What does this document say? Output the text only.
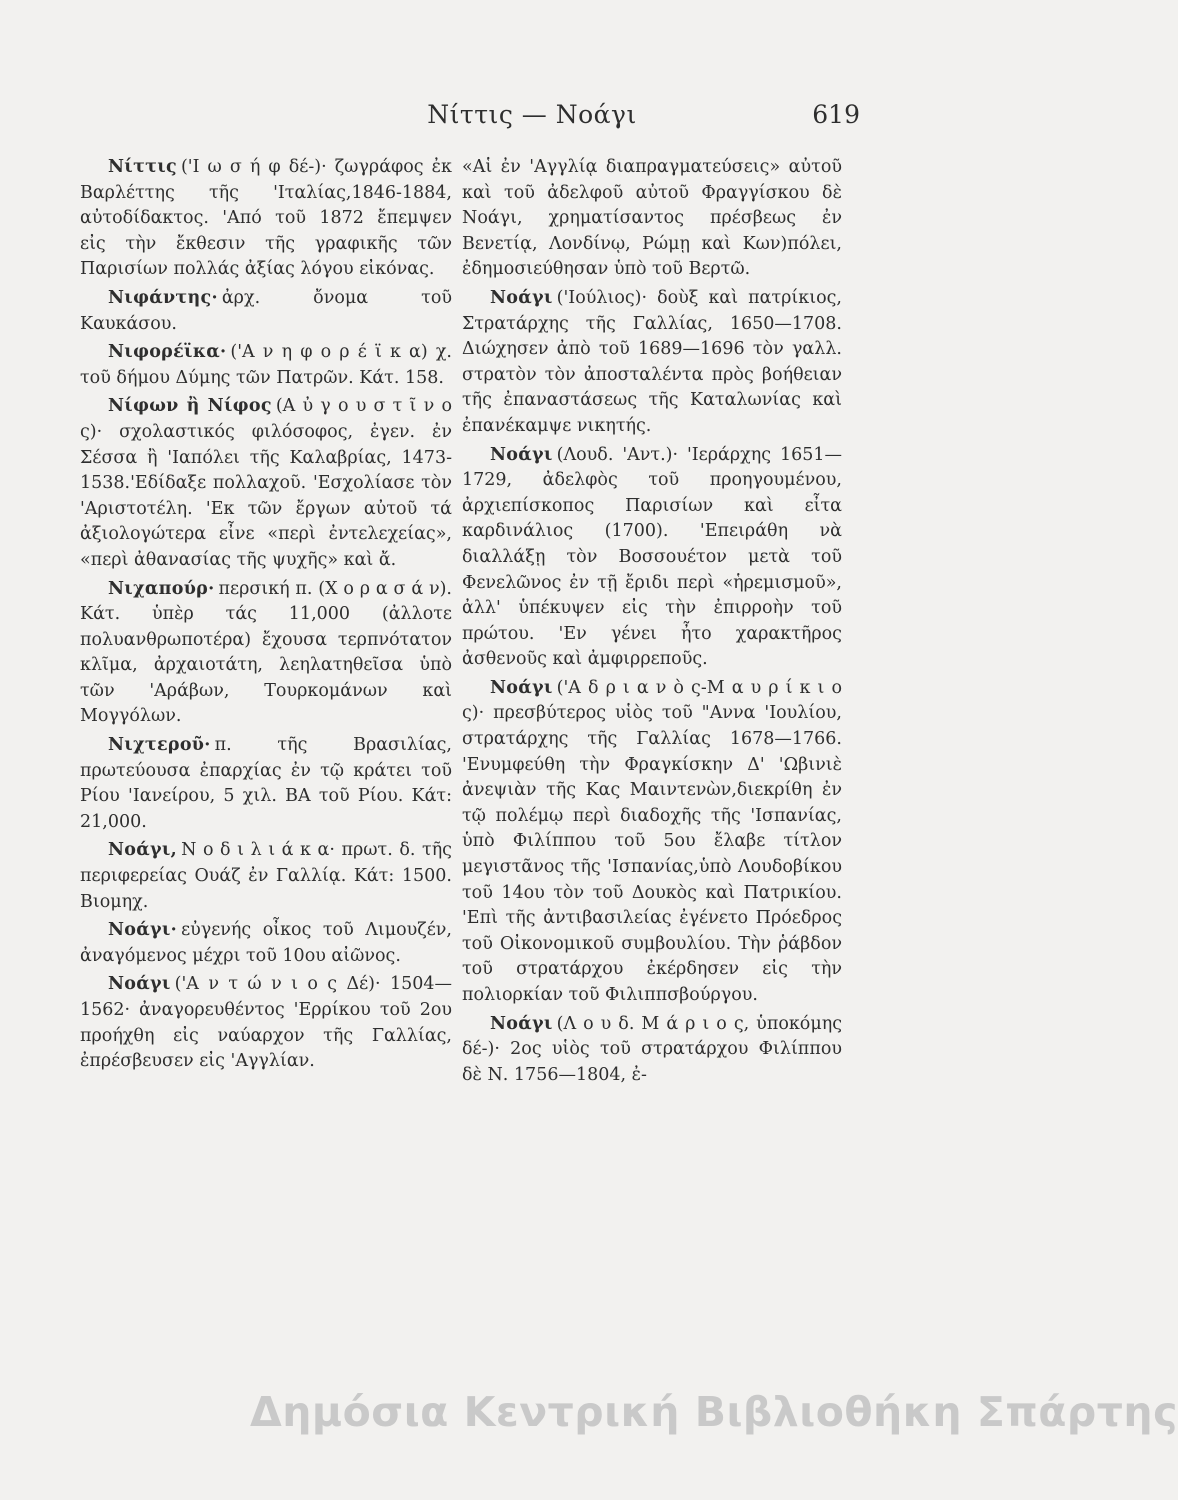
Νίττις — Νοάγι	619

Νίττις ('Ι ω σ ή φ δέ-)· ζωγράφος ἐκ Βαρλέττης τῆς 'Ιταλίας,1846-1884, αὐτοδίδακτος. 'Από τοῦ 1872 ἔπεμψεν εἰς τὴν ἔκθεσιν τῆς γραφικῆς τῶν Παρισίων πολλάς ἀξίας λόγου εἰκόνας.

Νιφάντης· ἀρχ. ὄνομα τοῦ Καυκάσου.

Νιφορέϊκα· ('Α ν η φ ο ρ έ ϊ κ α) χ. τοῦ δήμου Δύμης τῶν Πατρῶν. Κάτ. 158.

Νίφων ἢ Νίφος (Α ὐ γ ο υ σ τ ῖ ν ο ς)· σχολαστικός φιλόσοφος, ἐγεν. ἐν Σέσσα ἢ 'Ιαπόλει τῆς Καλαβρίας, 1473-1538.'Εδίδαξε πολλαχοῦ. 'Εσχολίασε τὸν 'Αριστοτέλη. 'Εκ τῶν ἔργων αὐτοῦ τά ἀξιολογώτερα εἶνε «περὶ ἐντελεχείας», «περὶ ἀθανασίας τῆς ψυχῆς» καὶ ἄ.

Νιχαπούρ· περσική π. (Χ ο ρ α σ ά ν). Κάτ. ὑπὲρ τάς 11,000 (ἀλλοτε πολυανθρωποτέρα) ἔχουσα τερπνότατον κλῖμα, ἀρχαιοτάτη, λεηλατηθεῖσα ὑπὸ τῶν 'Αράβων, Τουρκομάνων καὶ Μογγόλων.

Νιχτεροῦ· π. τῆς Βρασιλίας, πρωτεύουσα ἐπαρχίας ἐν τῷ κράτει τοῦ Ρίου 'Ιανείρου, 5 χιλ. ΒΑ τοῦ Ρίου. Κάτ: 21,000.

Νοάγι, Ν ο δ ι λ ι ά κ α· πρωτ. δ. τῆς περιφερείας Ουάζ ἐν Γαλλίᾳ. Κάτ: 1500. Βιομηχ.

Νοάγι· εὐγενής οἶκος τοῦ Λιμουζέν, ἀναγόμενος μέχρι τοῦ 10ου αἰῶνος.

Νοάγι ('Α ν τ ώ ν ι ο ς Δέ)· 1504—1562· ἀναγορευθέντος 'Ερρίκου τοῦ 2ου προήχθη εἰς ναύαρχον τῆς Γαλλίας, ἐπρέσβευσεν εἰς 'Αγγλίαν.

«Αἱ ἐν 'Αγγλίᾳ διαπραγματεύσεις» αὐτοῦ καὶ τοῦ ἀδελφοῦ αὐτοῦ Φραγγίσκου δὲ Νοάγι, χρηματίσαντος πρέσβεως ἐν Βενετίᾳ, Λονδίνῳ, Ρώμῃ καὶ Κων)πόλει, ἐδημοσιεύθησαν ὑπὸ τοῦ Βερτῶ.

Νοάγι ('Ιούλιος)· δοὺξ καὶ πατρίκιος, Στρατάρχης τῆς Γαλλίας, 1650—1708. Διώχησεν ἀπὸ τοῦ 1689—1696 τὸν γαλλ. στρατὸν τὸν ἀποσταλέντα πρὸς βοήθειαν τῆς ἐπαναστάσεως τῆς Καταλωνίας καὶ ἐπανέκαμψε νικητής.

Νοάγι (Λουδ. 'Αντ.)· 'Ιεράρχης 1651—1729, ἀδελφὸς τοῦ προηγουμένου, ἀρχιεπίσκοπος Παρισίων καὶ εἶτα καρδινάλιος (1700). 'Επειράθη νὰ διαλλάξῃ τὸν Βοσσουέτον μετὰ τοῦ Φενελῶνος ἐν τῇ ἔριδι περὶ «ἡρεμισμοῦ», ἀλλ' ὑπέκυψεν εἰς τὴν ἐπιρροὴν τοῦ πρώτου. 'Εν γένει ἦτο χαρακτῆρος ἀσθενοῦς καὶ ἀμφιρρεποῦς.

Νοάγι ('Α δ ρ ι α ν ὸ ς-Μ α υ ρ ί κ ι ο ς)· πρεσβύτερος υἱὸς τοῦ "Αννα 'Ιουλίου, στρατάρχης τῆς Γαλλίας 1678—1766. 'Ενυμφεύθη τὴν Φραγκίσκην Δ' 'Ωβινιὲ ἀνεψιὰν τῆς Κας Μαιντενὼν,διεκρίθη ἐν τῷ πολέμῳ περὶ διαδοχῆς τῆς 'Ισπανίας, ὑπὸ Φιλίππου τοῦ 5ου ἔλαβε τίτλον μεγιστᾶνος τῆς 'Ισπανίας,ὑπὸ Λουδοβίκου τοῦ 14ου τὸν τοῦ Δουκὸς καὶ Πατρικίου. 'Επὶ τῆς ἀντιβασιλείας ἐγένετο Πρόεδρος τοῦ Οἰκονομικοῦ συμβουλίου. Τὴν ῥάβδον τοῦ στρατάρχου ἐκέρδησεν εἰς τὴν πολιορκίαν τοῦ Φιλιππσβούργου.

Νοάγι (Λ ο υ δ. Μ ά ρ ι ο ς, ὑποκόμης δέ-)· 2ος υἱὸς τοῦ στρατάρχου Φιλίππου δὲ Ν. 1756—1804, ἐ-

Δημόσια Κεντρική Βιβλιοθήκη Σπάρτης
